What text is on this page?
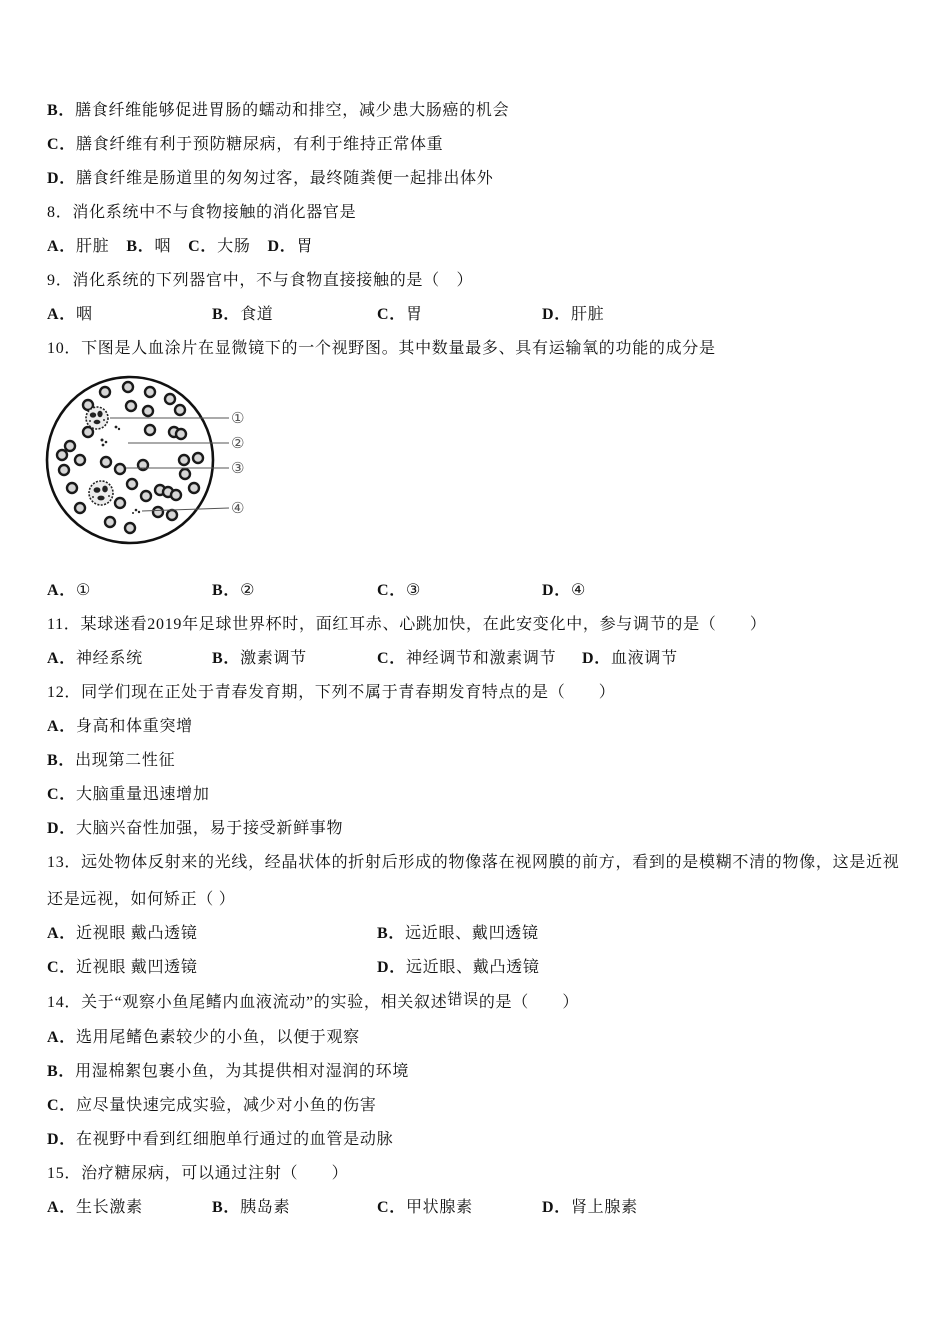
B．膳食纤维能够促进胃肠的蠕动和排空，减少患大肠癌的机会
C．膳食纤维有利于预防糖尿病，有利于维持正常体重
D．膳食纤维是肠道里的匆匆过客，最终随粪便一起排出体外
8．消化系统中不与食物接触的消化器官是
A．肝脏 B．咽 C．大肠 D．胃
9．消化系统的下列器官中，不与食物直接接触的是（　）
A．咽	B．食道	C．胃	D．肝脏
10．下图是人血涂片在显微镜下的一个视野图。其中数量最多、具有运输氧的功能的成分是
①
②
③
④
A．①	B．②	C．③	D．④
11．某球迷看2019年足球世界杯时，面红耳赤、心跳加快，在此安变化中，参与调节的是（　　）
A．神经系统	B．激素调节	C．神经调节和激素调节 D．血液调节
12．同学们现在正处于青春发育期，下列不属于青春期发育特点的是（　　）
A．身高和体重突增
B．出现第二性征
C．大脑重量迅速增加
D．大脑兴奋性加强，易于接受新鲜事物
13．远处物体反射来的光线，经晶状体的折射后形成的物像落在视网膜的前方，看到的是模糊不清的物像，这是近视
还是远视，如何矫正（ ）
A．近视眼 戴凸透镜	B．远近眼、戴凹透镜
C．近视眼 戴凹透镜	D．远近眼、戴凸透镜
14．关于“观察小鱼尾鳍内血液流动”的实验，相关叙述错误的是（　　）
A．选用尾鳍色素较少的小鱼，以便于观察
B．用湿棉絮包裹小鱼，为其提供相对湿润的环境
C．应尽量快速完成实验，减少对小鱼的伤害
D．在视野中看到红细胞单行通过的血管是动脉
15．治疗糖尿病，可以通过注射（　　）
A．生长激素	B．胰岛素	C．甲状腺素	D．肾上腺素
